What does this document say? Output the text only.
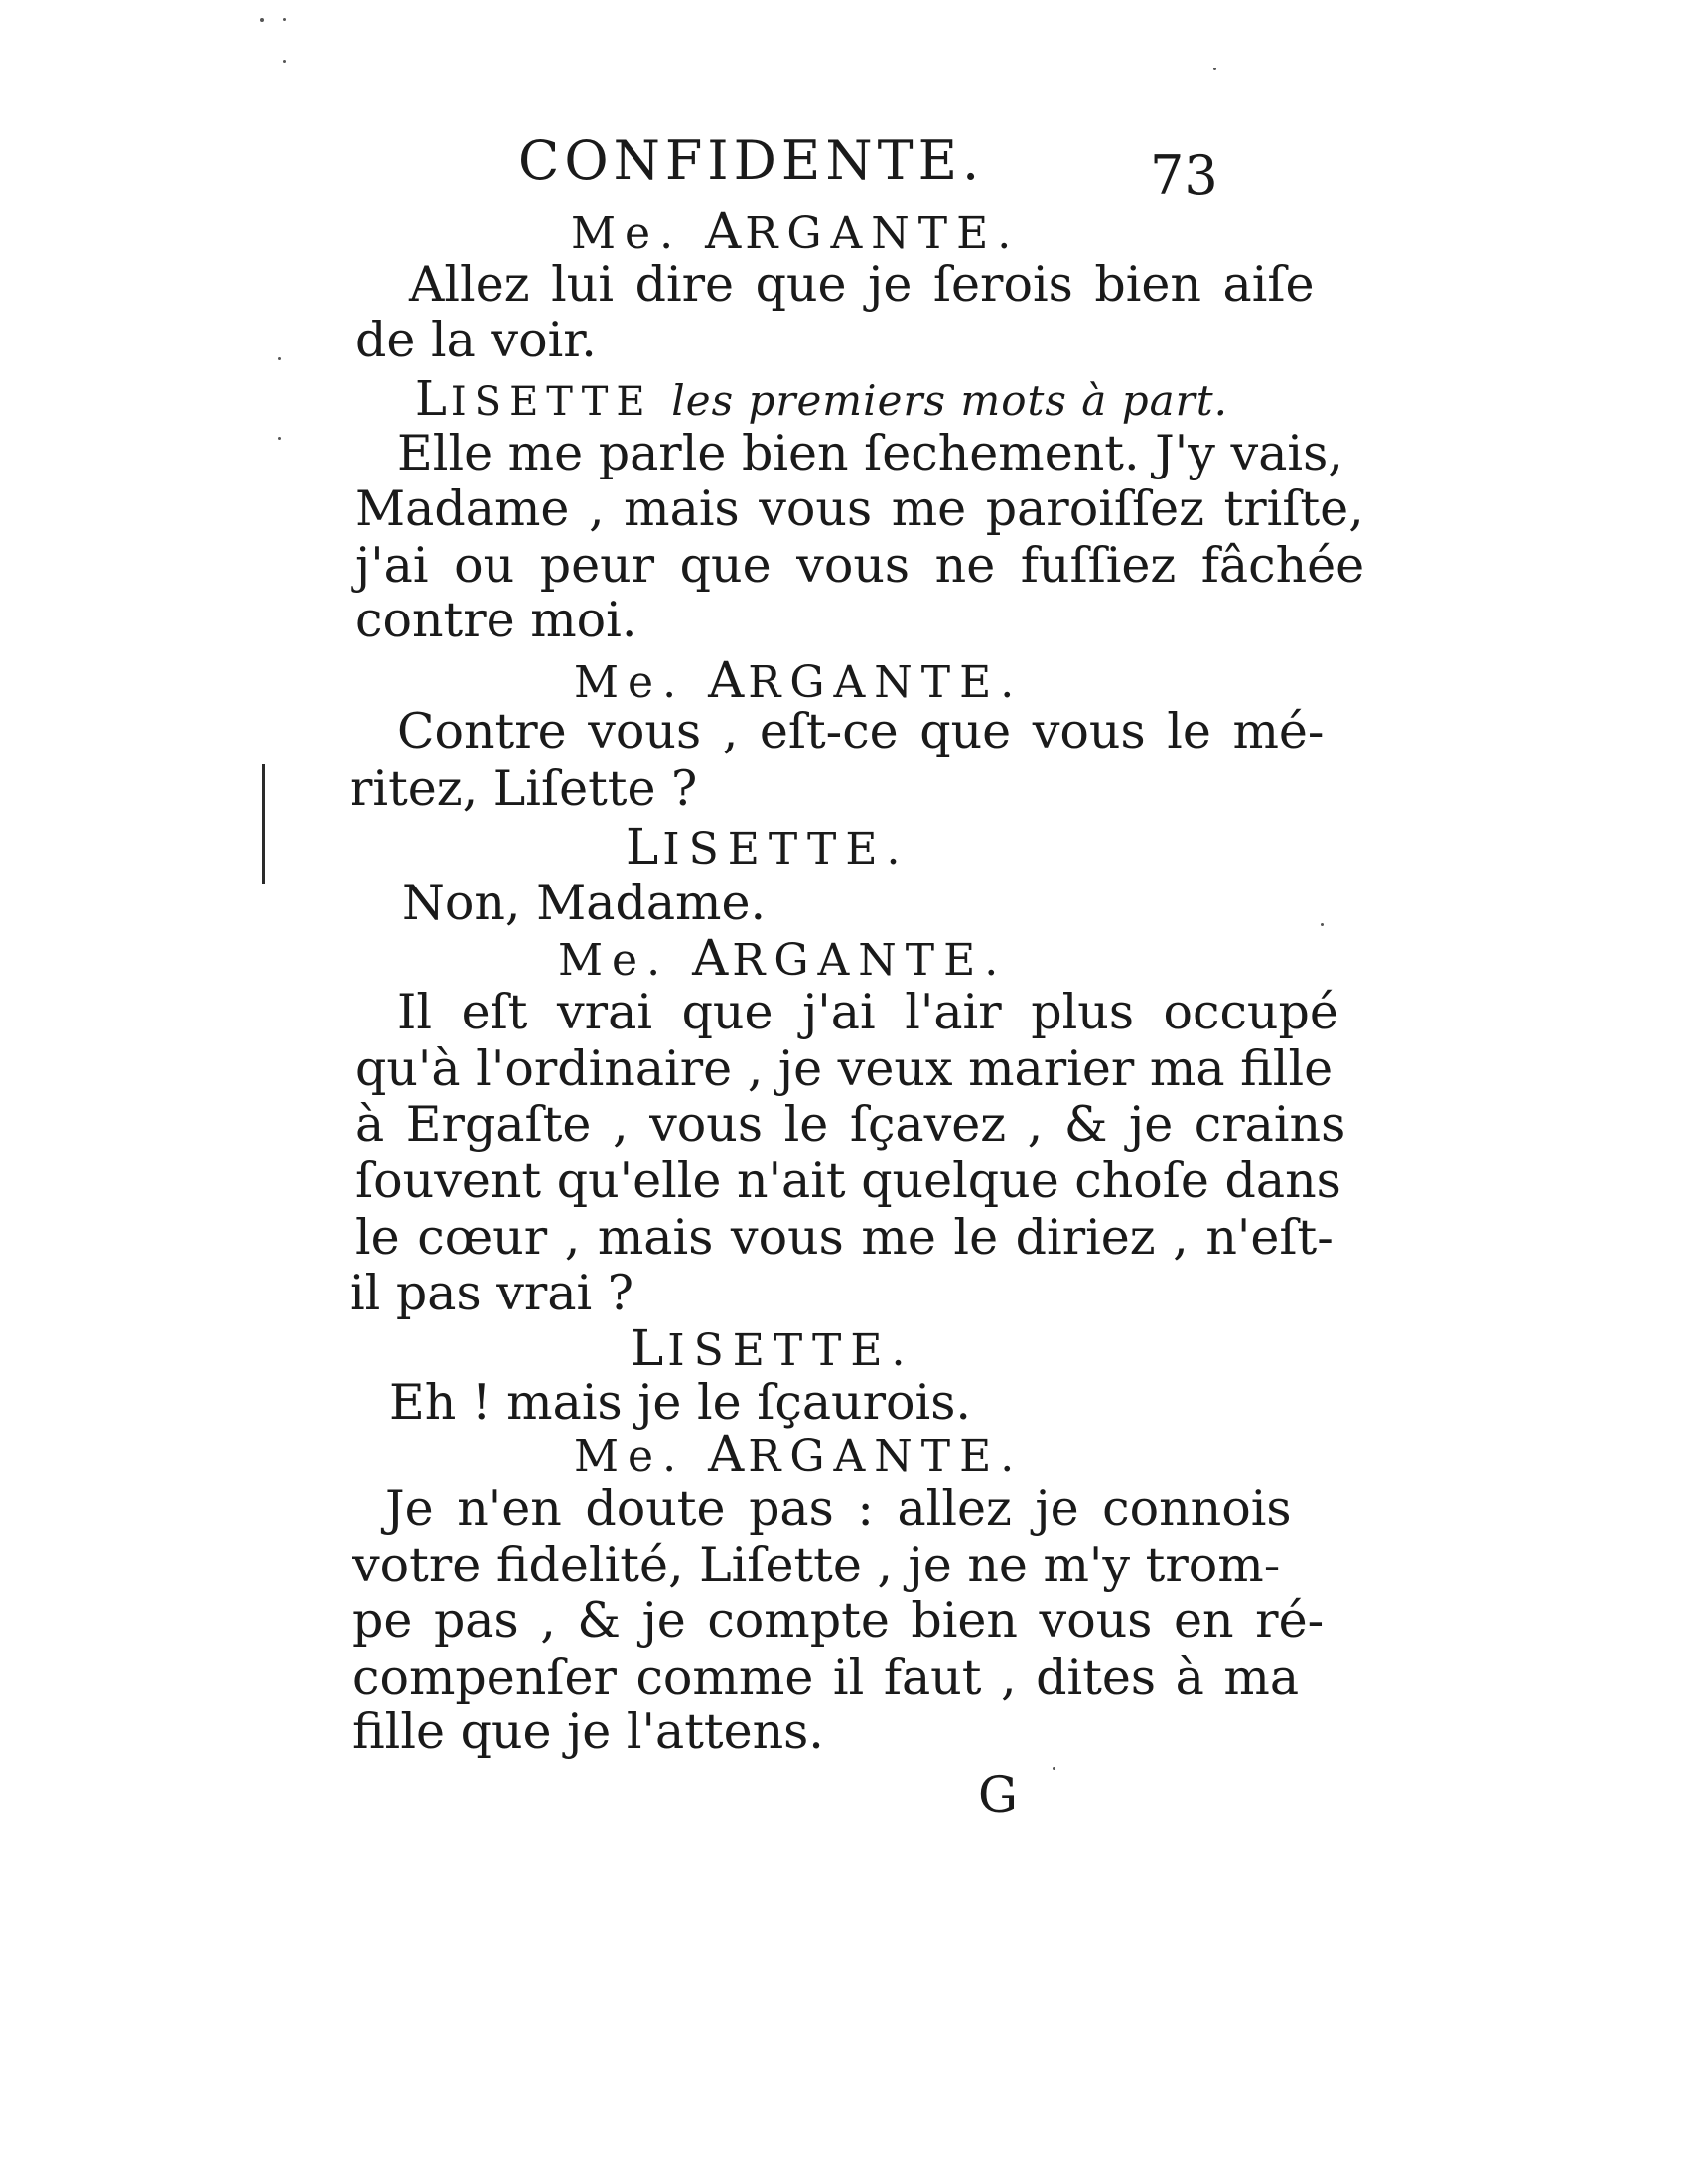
CONFIDENTE.	73
Me. ARGANTE.
Allez lui dire que je ſerois bien aiſe
de la voir.
LISETTE les premiers mots à part.
Elle me parle bien ſechement. J'y vais,
Madame , mais vous me paroiſſez triſte,
j'ai ou peur que vous ne fuſſiez fâchée
contre moi.
Me. ARGANTE.
Contre vous , eſt-ce que vous le mé-
ritez, Liſette ?
LISETTE.
Non, Madame.
Me. ARGANTE.
Il eſt vrai que j'ai l'air plus occupé
qu'à l'ordinaire , je veux marier ma fille
à Ergaſte , vous le ſçavez , & je crains
ſouvent qu'elle n'ait quelque choſe dans
le cœur , mais vous me le diriez , n'eſt-
il pas vrai ?
LISETTE.
Eh ! mais je le ſçaurois.
Me. ARGANTE.
Je n'en doute pas : allez je connois
votre fidelité, Liſette , je ne m'y trom-
pe pas , & je compte bien vous en ré-
compenſer comme il faut , dites à ma
fille que je l'attens.
G
